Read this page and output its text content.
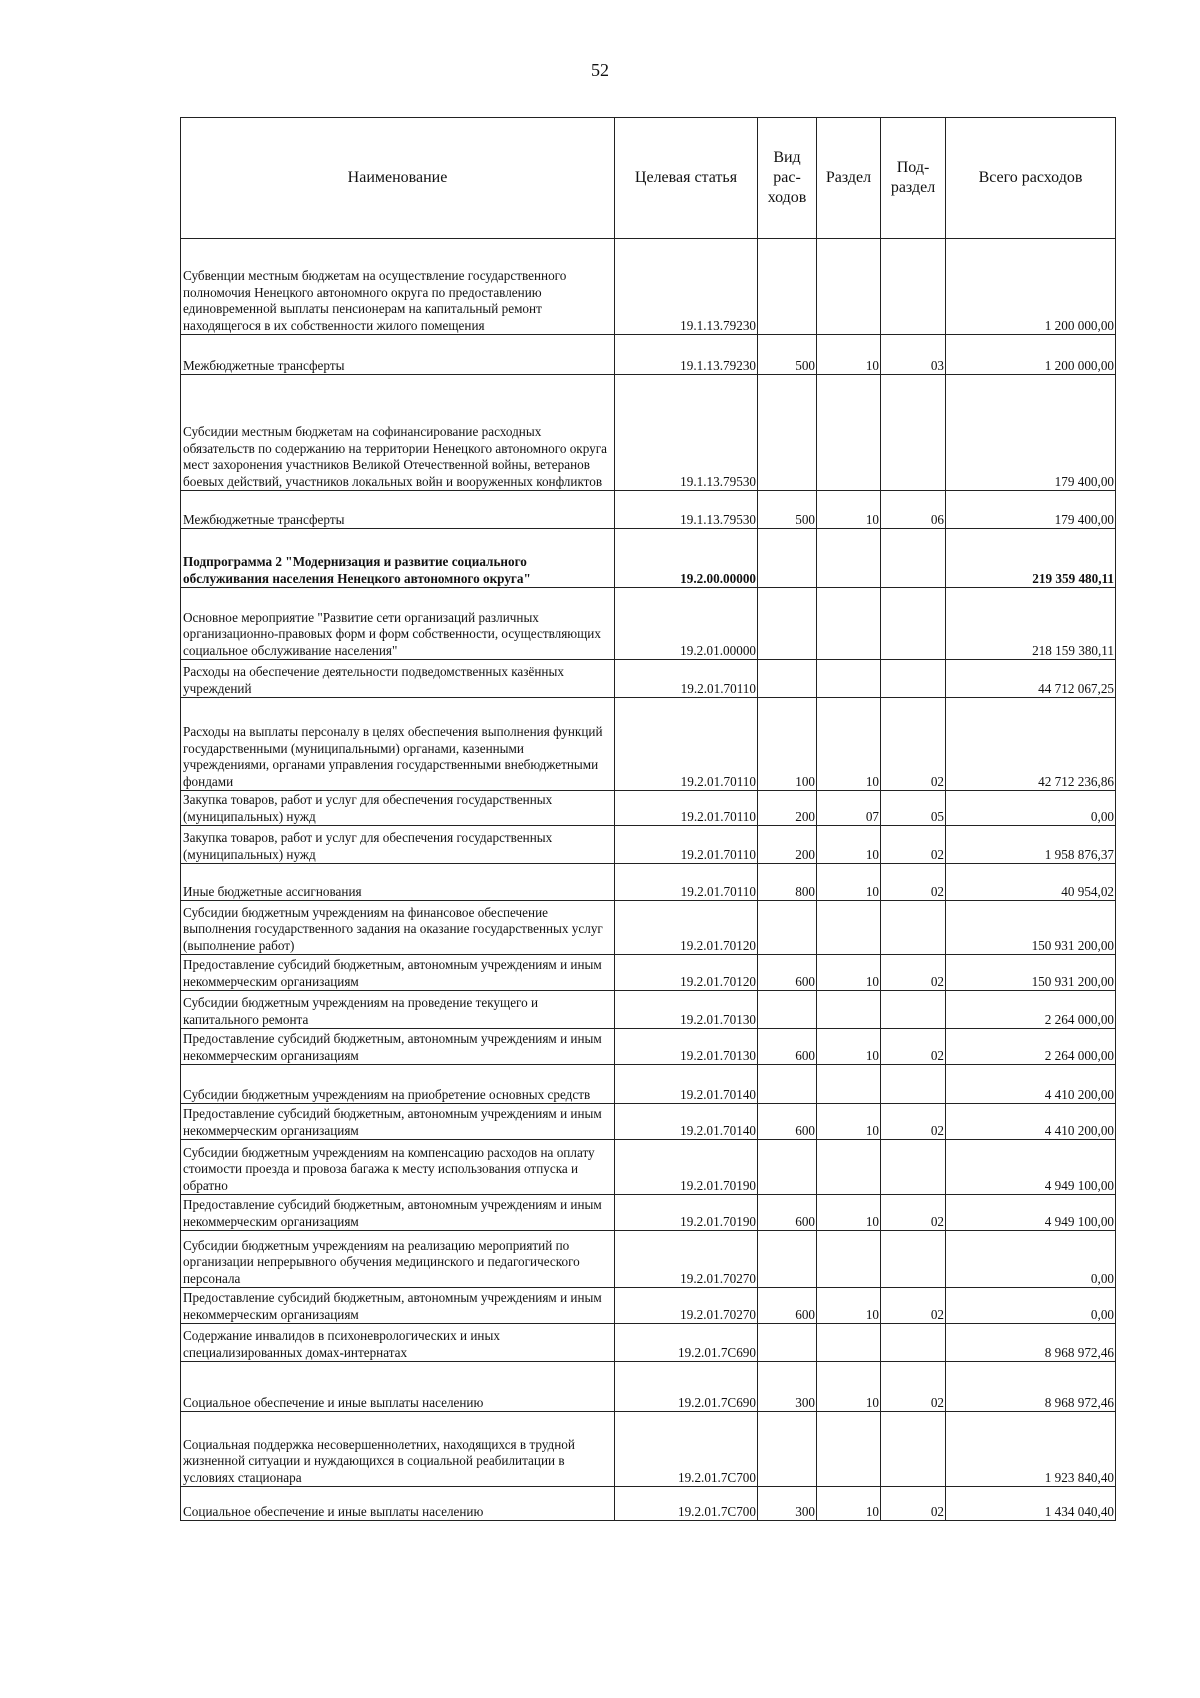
52
Наименование	Целевая статья	Вид рас-ходов	Раздел	Под-раздел	Всего расходов
Субвенции местным бюджетам на осуществление государственного полномочия Ненецкого автономного округа по предоставлению единовременной выплаты пенсионерам на капитальный ремонт находящегося в их собственности жилого помещения	19.1.13.79230				1 200 000,00
Межбюджетные трансферты	19.1.13.79230	500	10	03	1 200 000,00
Субсидии местным бюджетам на софинансирование расходных обязательств по содержанию на территории Ненецкого автономного округа мест захоронения участников Великой Отечественной войны, ветеранов боевых действий, участников локальных войн и вооруженных конфликтов	19.1.13.79530				179 400,00
Межбюджетные трансферты	19.1.13.79530	500	10	06	179 400,00
Подпрограмма 2 "Модернизация и развитие социального обслуживания населения Ненецкого автономного округа"	19.2.00.00000				219 359 480,11
Основное мероприятие "Развитие сети организаций различных организационно-правовых форм и форм собственности, осуществляющих социальное обслуживание населения"	19.2.01.00000				218 159 380,11
Расходы на обеспечение деятельности подведомственных казённых учреждений	19.2.01.70110				44 712 067,25
Расходы на выплаты персоналу в целях обеспечения выполнения функций государственными (муниципальными) органами, казенными учреждениями, органами управления государственными внебюджетными фондами	19.2.01.70110	100	10	02	42 712 236,86
Закупка товаров, работ и услуг для обеспечения государственных (муниципальных) нужд	19.2.01.70110	200	07	05	0,00
Закупка товаров, работ и услуг для обеспечения государственных (муниципальных) нужд	19.2.01.70110	200	10	02	1 958 876,37
Иные бюджетные ассигнования	19.2.01.70110	800	10	02	40 954,02
Субсидии бюджетным учреждениям на финансовое обеспечение выполнения государственного задания на оказание государственных услуг (выполнение работ)	19.2.01.70120				150 931 200,00
Предоставление субсидий бюджетным, автономным учреждениям и иным некоммерческим организациям	19.2.01.70120	600	10	02	150 931 200,00
Субсидии бюджетным учреждениям на проведение текущего и капитального ремонта	19.2.01.70130				2 264 000,00
Предоставление субсидий бюджетным, автономным учреждениям и иным некоммерческим организациям	19.2.01.70130	600	10	02	2 264 000,00
Субсидии бюджетным учреждениям на приобретение основных средств	19.2.01.70140				4 410 200,00
Предоставление субсидий бюджетным, автономным учреждениям и иным некоммерческим организациям	19.2.01.70140	600	10	02	4 410 200,00
Субсидии бюджетным учреждениям на компенсацию расходов на оплату стоимости проезда и провоза багажа к месту использования отпуска и обратно	19.2.01.70190				4 949 100,00
Предоставление субсидий бюджетным, автономным учреждениям и иным некоммерческим организациям	19.2.01.70190	600	10	02	4 949 100,00
Субсидии бюджетным учреждениям на реализацию мероприятий по организации непрерывного обучения медицинского и педагогического персонала	19.2.01.70270				0,00
Предоставление субсидий бюджетным, автономным учреждениям и иным некоммерческим организациям	19.2.01.70270	600	10	02	0,00
Содержание инвалидов в психоневрологических и иных специализированных домах-интернатах	19.2.01.7С690				8 968 972,46
Социальное обеспечение и иные выплаты населению	19.2.01.7С690	300	10	02	8 968 972,46
Социальная поддержка несовершеннолетних, находящихся в трудной жизненной ситуации и нуждающихся в социальной реабилитации в условиях стационара	19.2.01.7С700				1 923 840,40
Социальное обеспечение и иные выплаты населению	19.2.01.7С700	300	10	02	1 434 040,40
